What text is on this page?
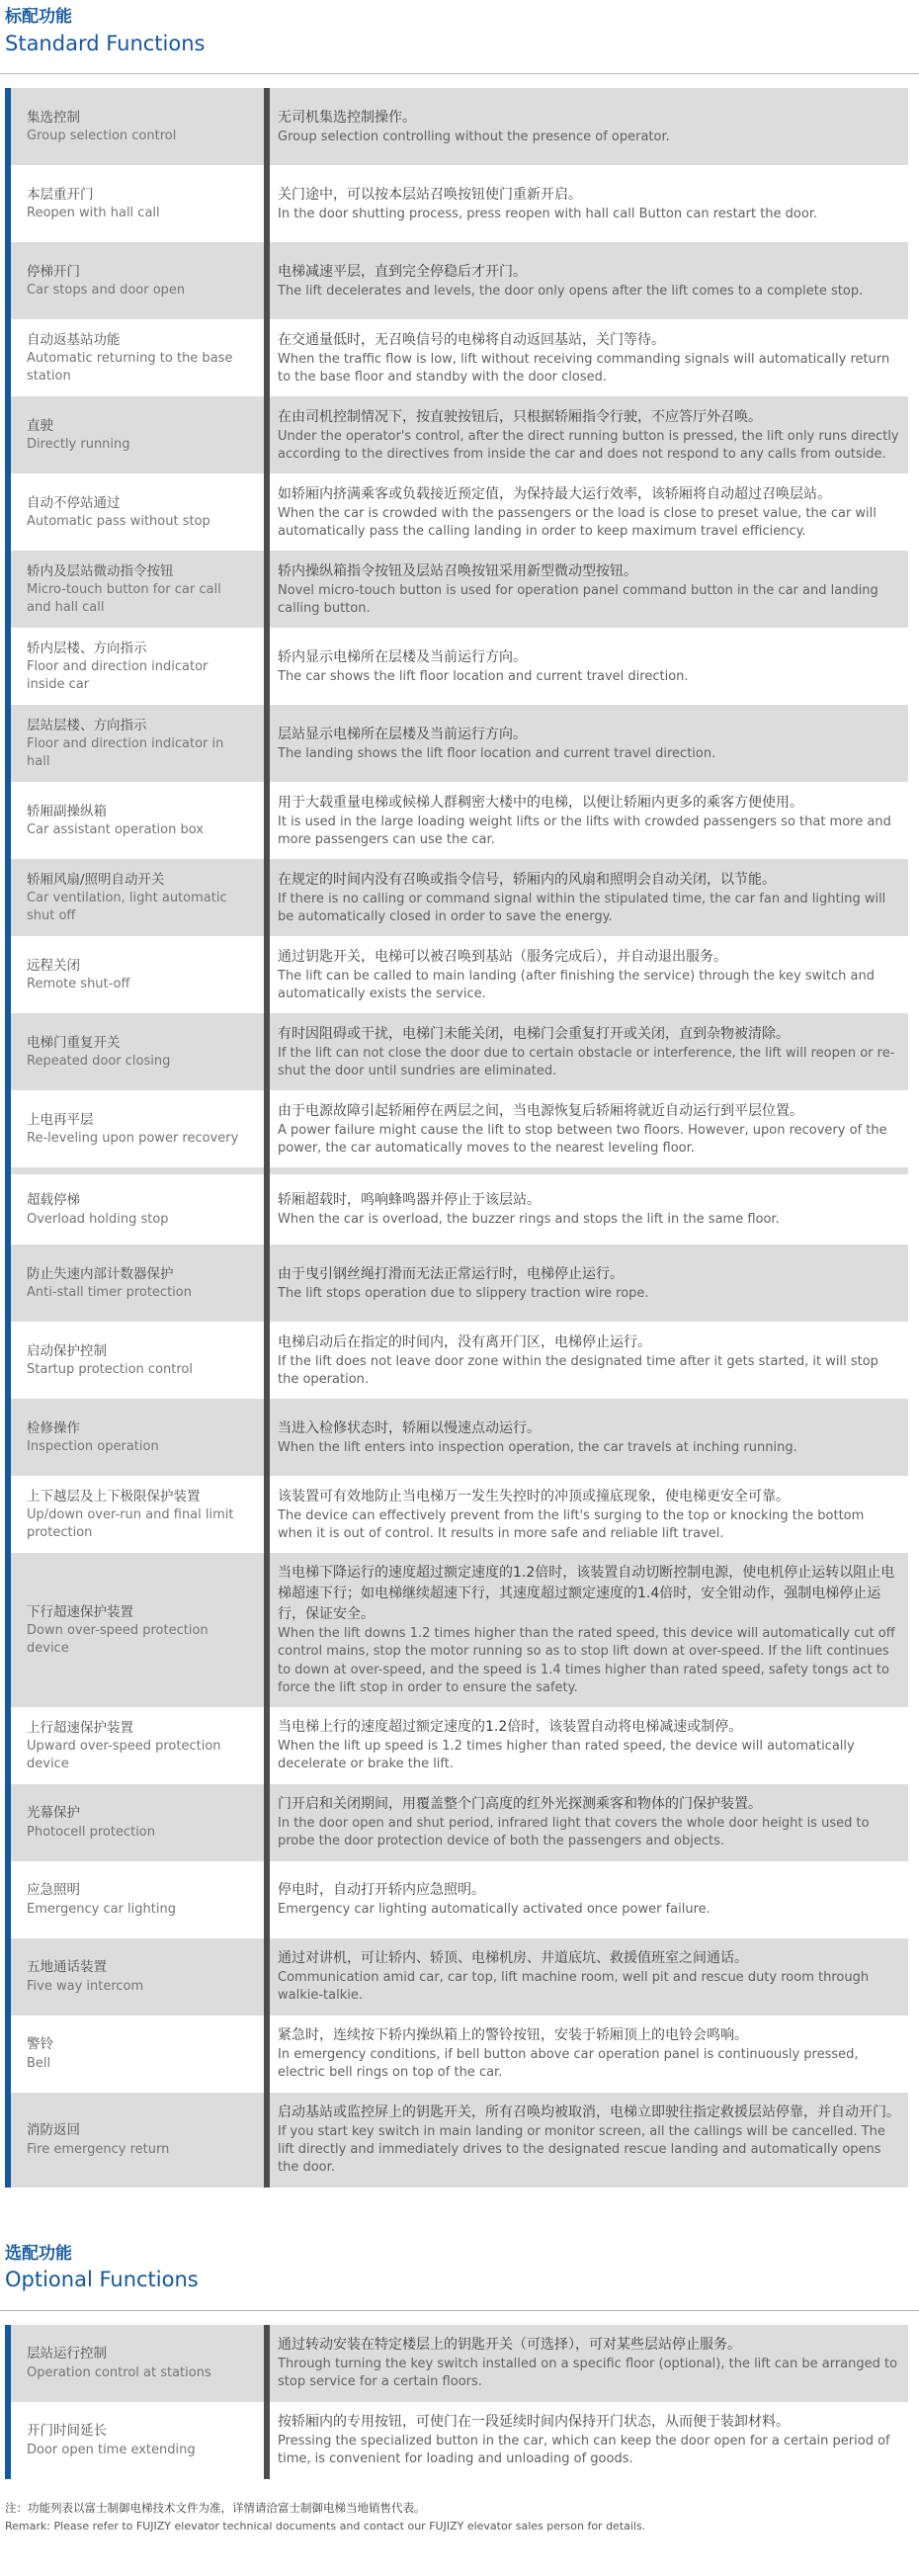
标配功能
Standard Functions
集选控制
Group selection control
无司机集选控制操作。
Group selection controlling without the presence of operator.
本层重开门
Reopen with hall call
关门途中，可以按本层站召唤按钮使门重新开启。
In the door shutting process, press reopen with hall call Button can restart the door.
停梯开门
Car stops and door open
电梯减速平层，直到完全停稳后才开门。
The lift decelerates and levels, the door only opens after the lift comes to a complete stop.
自动返基站功能
Automatic returning to the base station
在交通量低时，无召唤信号的电梯将自动返回基站，关门等待。
When the traffic flow is low, lift without receiving commanding signals will automatically return to the base floor and standby with the door closed.
直驶
Directly running
在由司机控制情况下，按直驶按钮后，只根据轿厢指令行驶，不应答厅外召唤。
Under the operator's control, after the direct running button is pressed, the lift only runs directly according to the directives from inside the car and does not respond to any calls from outside.
自动不停站通过
Automatic pass without stop
如轿厢内挤满乘客或负载接近预定值，为保持最大运行效率，该轿厢将自动超过召唤层站。
When the car is crowded with the passengers or the load is close to preset value, the car will automatically pass the calling landing in order to keep maximum travel efficiency.
轿内及层站微动指令按钮
Micro-touch button for car call and hall call
轿内操纵箱指令按钮及层站召唤按钮采用新型微动型按钮。
Novel micro-touch button is used for operation panel command button in the car and landing calling button.
轿内层楼、方向指示
Floor and direction indicator inside car
轿内显示电梯所在层楼及当前运行方向。
The car shows the lift floor location and current travel direction.
层站层楼、方向指示
Floor and direction indicator in hall
层站显示电梯所在层楼及当前运行方向。
The landing shows the lift floor location and current travel direction.
轿厢副操纵箱
Car assistant operation box
用于大载重量电梯或候梯人群稠密大楼中的电梯，以便让轿厢内更多的乘客方便使用。
It is used in the large loading weight lifts or the lifts with crowded passengers so that more and more passengers can use the car.
轿厢风扇/照明自动开关
Car ventilation, light automatic shut off
在规定的时间内没有召唤或指令信号，轿厢内的风扇和照明会自动关闭，以节能。
If there is no calling or command signal within the stipulated time, the car fan and lighting will be automatically closed in order to save the energy.
远程关闭
Remote shut-off
通过钥匙开关，电梯可以被召唤到基站（服务完成后），并自动退出服务。
The lift can be called to main landing (after finishing the service) through the key switch and automatically exists the service.
电梯门重复开关
Repeated door closing
有时因阻碍或干扰，电梯门未能关闭，电梯门会重复打开或关闭，直到杂物被清除。
If the lift can not close the door due to certain obstacle or interference, the lift will reopen or re-shut the door until sundries are eliminated.
上电再平层
Re-leveling upon power recovery
由于电源故障引起轿厢停在两层之间，当电源恢复后轿厢将就近自动运行到平层位置。
A power failure might cause the lift to stop between two floors. However, upon recovery of the power, the car automatically moves to the nearest leveling floor.
超载停梯
Overload holding stop
轿厢超载时，鸣响蜂鸣器并停止于该层站。
When the car is overload, the buzzer rings and stops the lift in the same floor.
防止失速内部计数器保护
Anti-stall timer protection
由于曳引钢丝绳打滑而无法正常运行时，电梯停止运行。
The lift stops operation due to slippery traction wire rope.
启动保护控制
Startup protection control
电梯启动后在指定的时间内，没有离开门区，电梯停止运行。
If the lift does not leave door zone within the designated time after it gets started, it will stop the operation.
检修操作
Inspection operation
当进入检修状态时，轿厢以慢速点动运行。
When the lift enters into inspection operation, the car travels at inching running.
上下越层及上下极限保护装置
Up/down over-run and final limit protection
该装置可有效地防止当电梯万一发生失控时的冲顶或撞底现象，使电梯更安全可靠。
The device can effectively prevent from the lift's surging to the top or knocking the bottom when it is out of control. It results in more safe and reliable lift travel.
下行超速保护装置
Down over-speed protection device
当电梯下降运行的速度超过额定速度的1.2倍时，该装置自动切断控制电源，使电机停止运转以阻止电梯超速下行；如电梯继续超速下行，其速度超过额定速度的1.4倍时，安全钳动作，强制电梯停止运行，保证安全。
When the lift downs 1.2 times higher than the rated speed, this device will automatically cut off control mains, stop the motor running so as to stop lift down at over-speed. If the lift continues to down at over-speed, and the speed is 1.4 times higher than rated speed, safety tongs act to force the lift stop in order to ensure the safety.
上行超速保护装置
Upward over-speed protection device
当电梯上行的速度超过额定速度的1.2倍时，该装置自动将电梯减速或制停。
When the lift up speed is 1.2 times higher than rated speed, the device will automatically decelerate or brake the lift.
光幕保护
Photocell protection
门开启和关闭期间，用覆盖整个门高度的红外光探测乘客和物体的门保护装置。
In the door open and shut period, infrared light that covers the whole door height is used to probe the door protection device of both the passengers and objects.
应急照明
Emergency car lighting
停电时，自动打开轿内应急照明。
Emergency car lighting automatically activated once power failure.
五地通话装置
Five way intercom
通过对讲机，可让轿内、轿顶、电梯机房、井道底坑、救援值班室之间通话。
Communication amid car, car top, lift machine room, well pit and rescue duty room through walkie-talkie.
警铃
Bell
紧急时，连续按下轿内操纵箱上的警铃按钮，安装于轿厢顶上的电铃会鸣响。
In emergency conditions, if bell button above car operation panel is continuously pressed, electric bell rings on top of the car.
消防返回
Fire emergency return
启动基站或监控屏上的钥匙开关，所有召唤均被取消，电梯立即驶往指定救援层站停靠，并自动开门。
If you start key switch in main landing or monitor screen, all the callings will be cancelled. The lift directly and immediately drives to the designated rescue landing and automatically opens the door.
选配功能
Optional Functions
层站运行控制
Operation control at stations
通过转动安装在特定楼层上的钥匙开关（可选择），可对某些层站停止服务。
Through turning the key switch installed on a specific floor (optional), the lift can be arranged to stop service for a certain floors.
开门时间延长
Door open time extending
按轿厢内的专用按钮，可使门在一段延续时间内保持开门状态，从而便于装卸材料。
Pressing the specialized button in the car, which can keep the door open for a certain period of time, is convenient for loading and unloading of goods.

注：功能列表以富士制御电梯技术文件为准，详情请洽富士制御电梯当地销售代表。

Remark: Please refer to FUJIZY elevator technical documents and contact our FUJIZY elevator sales person for details.
